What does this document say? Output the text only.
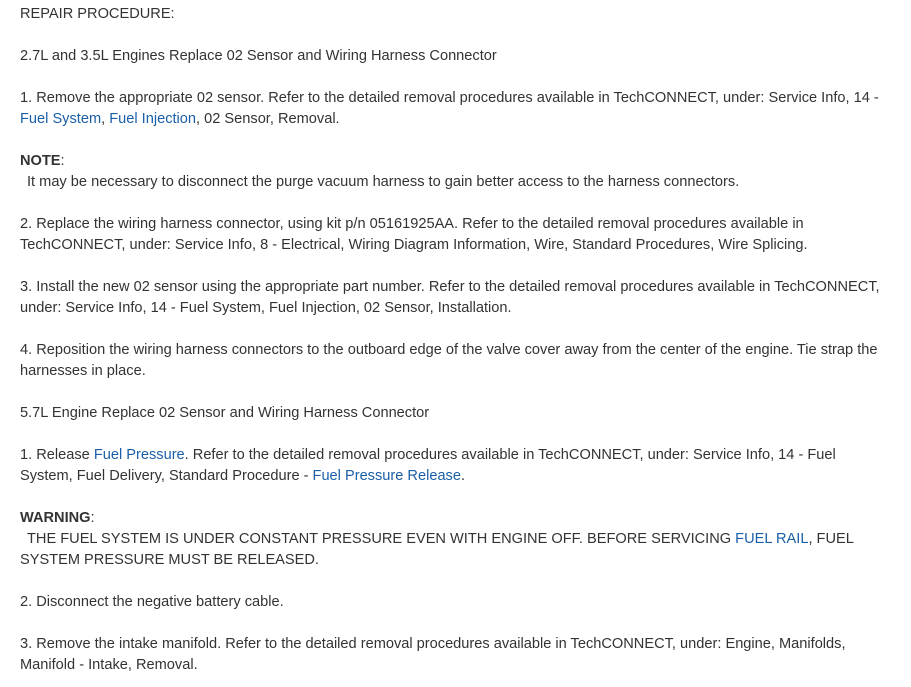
REPAIR PROCEDURE:
2.7L and 3.5L Engines Replace 02 Sensor and Wiring Harness Connector
1. Remove the appropriate 02 sensor. Refer to the detailed removal procedures available in TechCONNECT, under: Service Info, 14 - Fuel System, Fuel Injection, 02 Sensor, Removal.
NOTE:
It may be necessary to disconnect the purge vacuum harness to gain better access to the harness connectors.
2. Replace the wiring harness connector, using kit p/n 05161925AA. Refer to the detailed removal procedures available in TechCONNECT, under: Service Info, 8 - Electrical, Wiring Diagram Information, Wire, Standard Procedures, Wire Splicing.
3. Install the new 02 sensor using the appropriate part number. Refer to the detailed removal procedures available in TechCONNECT, under: Service Info, 14 - Fuel System, Fuel Injection, 02 Sensor, Installation.
4. Reposition the wiring harness connectors to the outboard edge of the valve cover away from the center of the engine. Tie strap the harnesses in place.
5.7L Engine Replace 02 Sensor and Wiring Harness Connector
1. Release Fuel Pressure. Refer to the detailed removal procedures available in TechCONNECT, under: Service Info, 14 - Fuel System, Fuel Delivery, Standard Procedure - Fuel Pressure Release.
WARNING:
THE FUEL SYSTEM IS UNDER CONSTANT PRESSURE EVEN WITH ENGINE OFF. BEFORE SERVICING FUEL RAIL, FUEL SYSTEM PRESSURE MUST BE RELEASED.
2. Disconnect the negative battery cable.
3. Remove the intake manifold. Refer to the detailed removal procedures available in TechCONNECT, under: Engine, Manifolds, Manifold - Intake, Removal.
